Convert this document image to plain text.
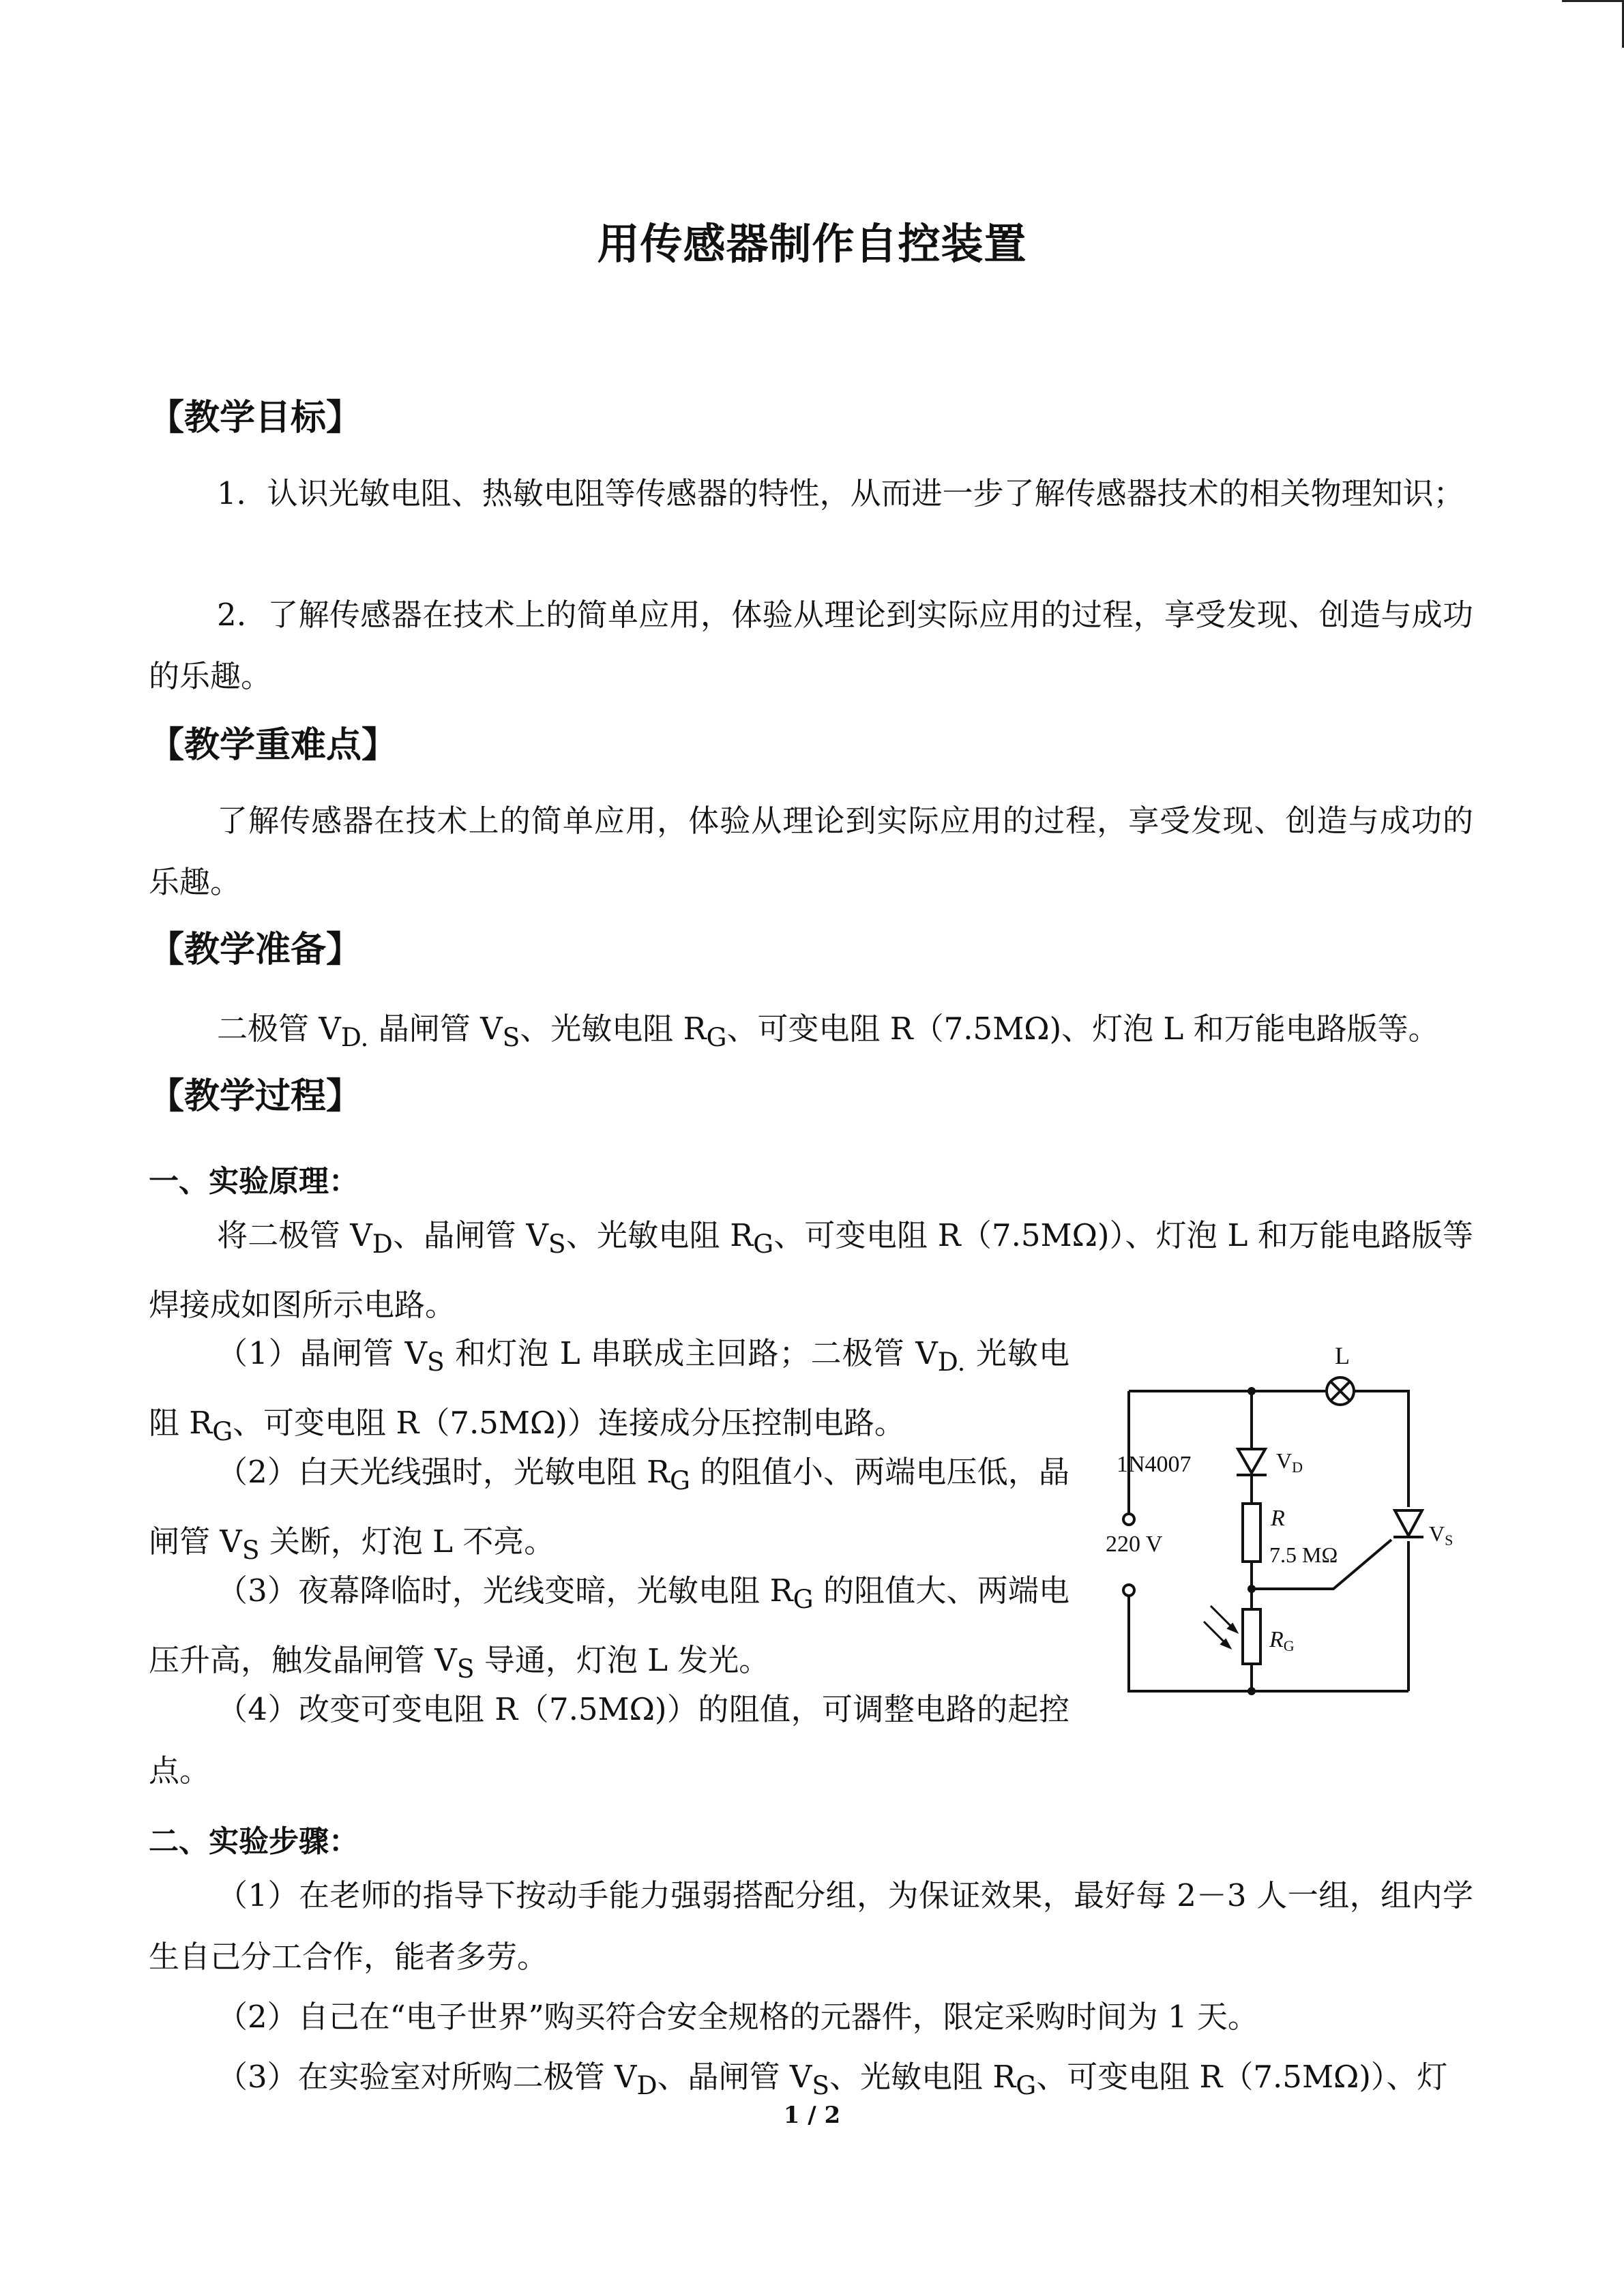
用传感器制作自控装置
【教学目标】
1．认识光敏电阻、热敏电阻等传感器的特性，从而进一步了解传感器技术的相关物理知识；
2．了解传感器在技术上的简单应用，体验从理论到实际应用的过程，享受发现、创造与成功的乐趣。
【教学重难点】
了解传感器在技术上的简单应用，体验从理论到实际应用的过程，享受发现、创造与成功的乐趣。
【教学准备】
二极管 $V_{D.}$ 晶闸管 $V_S$、光敏电阻 $R_G$、可变电阻 R（7.5MΩ)、灯泡 L 和万能电路版等。
【教学过程】
一、实验原理：
将二极管 $V_D$、晶闸管 $V_S$、光敏电阻 $R_G$、可变电阻 R（7.5MΩ)）、灯泡 L 和万能电路版等焊接成如图所示电路。
（1）晶闸管 $V_S$ 和灯泡 L 串联成主回路；二极管 $V_{D.}$ 光敏电阻 $R_G$、可变电阻 R（7.5MΩ)）连接成分压控制电路。
（2）白天光线强时，光敏电阻 $R_G$ 的阻值小、两端电压低，晶闸管 $V_S$ 关断，灯泡 L 不亮。
（3）夜幕降临时，光线变暗，光敏电阻 $R_G$ 的阻值大、两端电压升高，触发晶闸管 $V_S$ 导通，灯泡 L 发光。
（4）改变可变电阻 R（7.5MΩ)）的阻值，可调整电路的起控点。
二、实验步骤：
（1）在老师的指导下按动手能力强弱搭配分组，为保证效果，最好每 2－3 人一组，组内学生自己分工合作，能者多劳。
（2）自己在“电子世界”购买符合安全规格的元器件，限定采购时间为 1 天。
（3）在实验室对所购二极管 $V_D$、晶闸管 $V_S$、光敏电阻 $R_G$、可变电阻 R（7.5MΩ)）、灯
1 / 2
L
1N4007	VD
R
7.5 MΩ
220 V	VS
RG
